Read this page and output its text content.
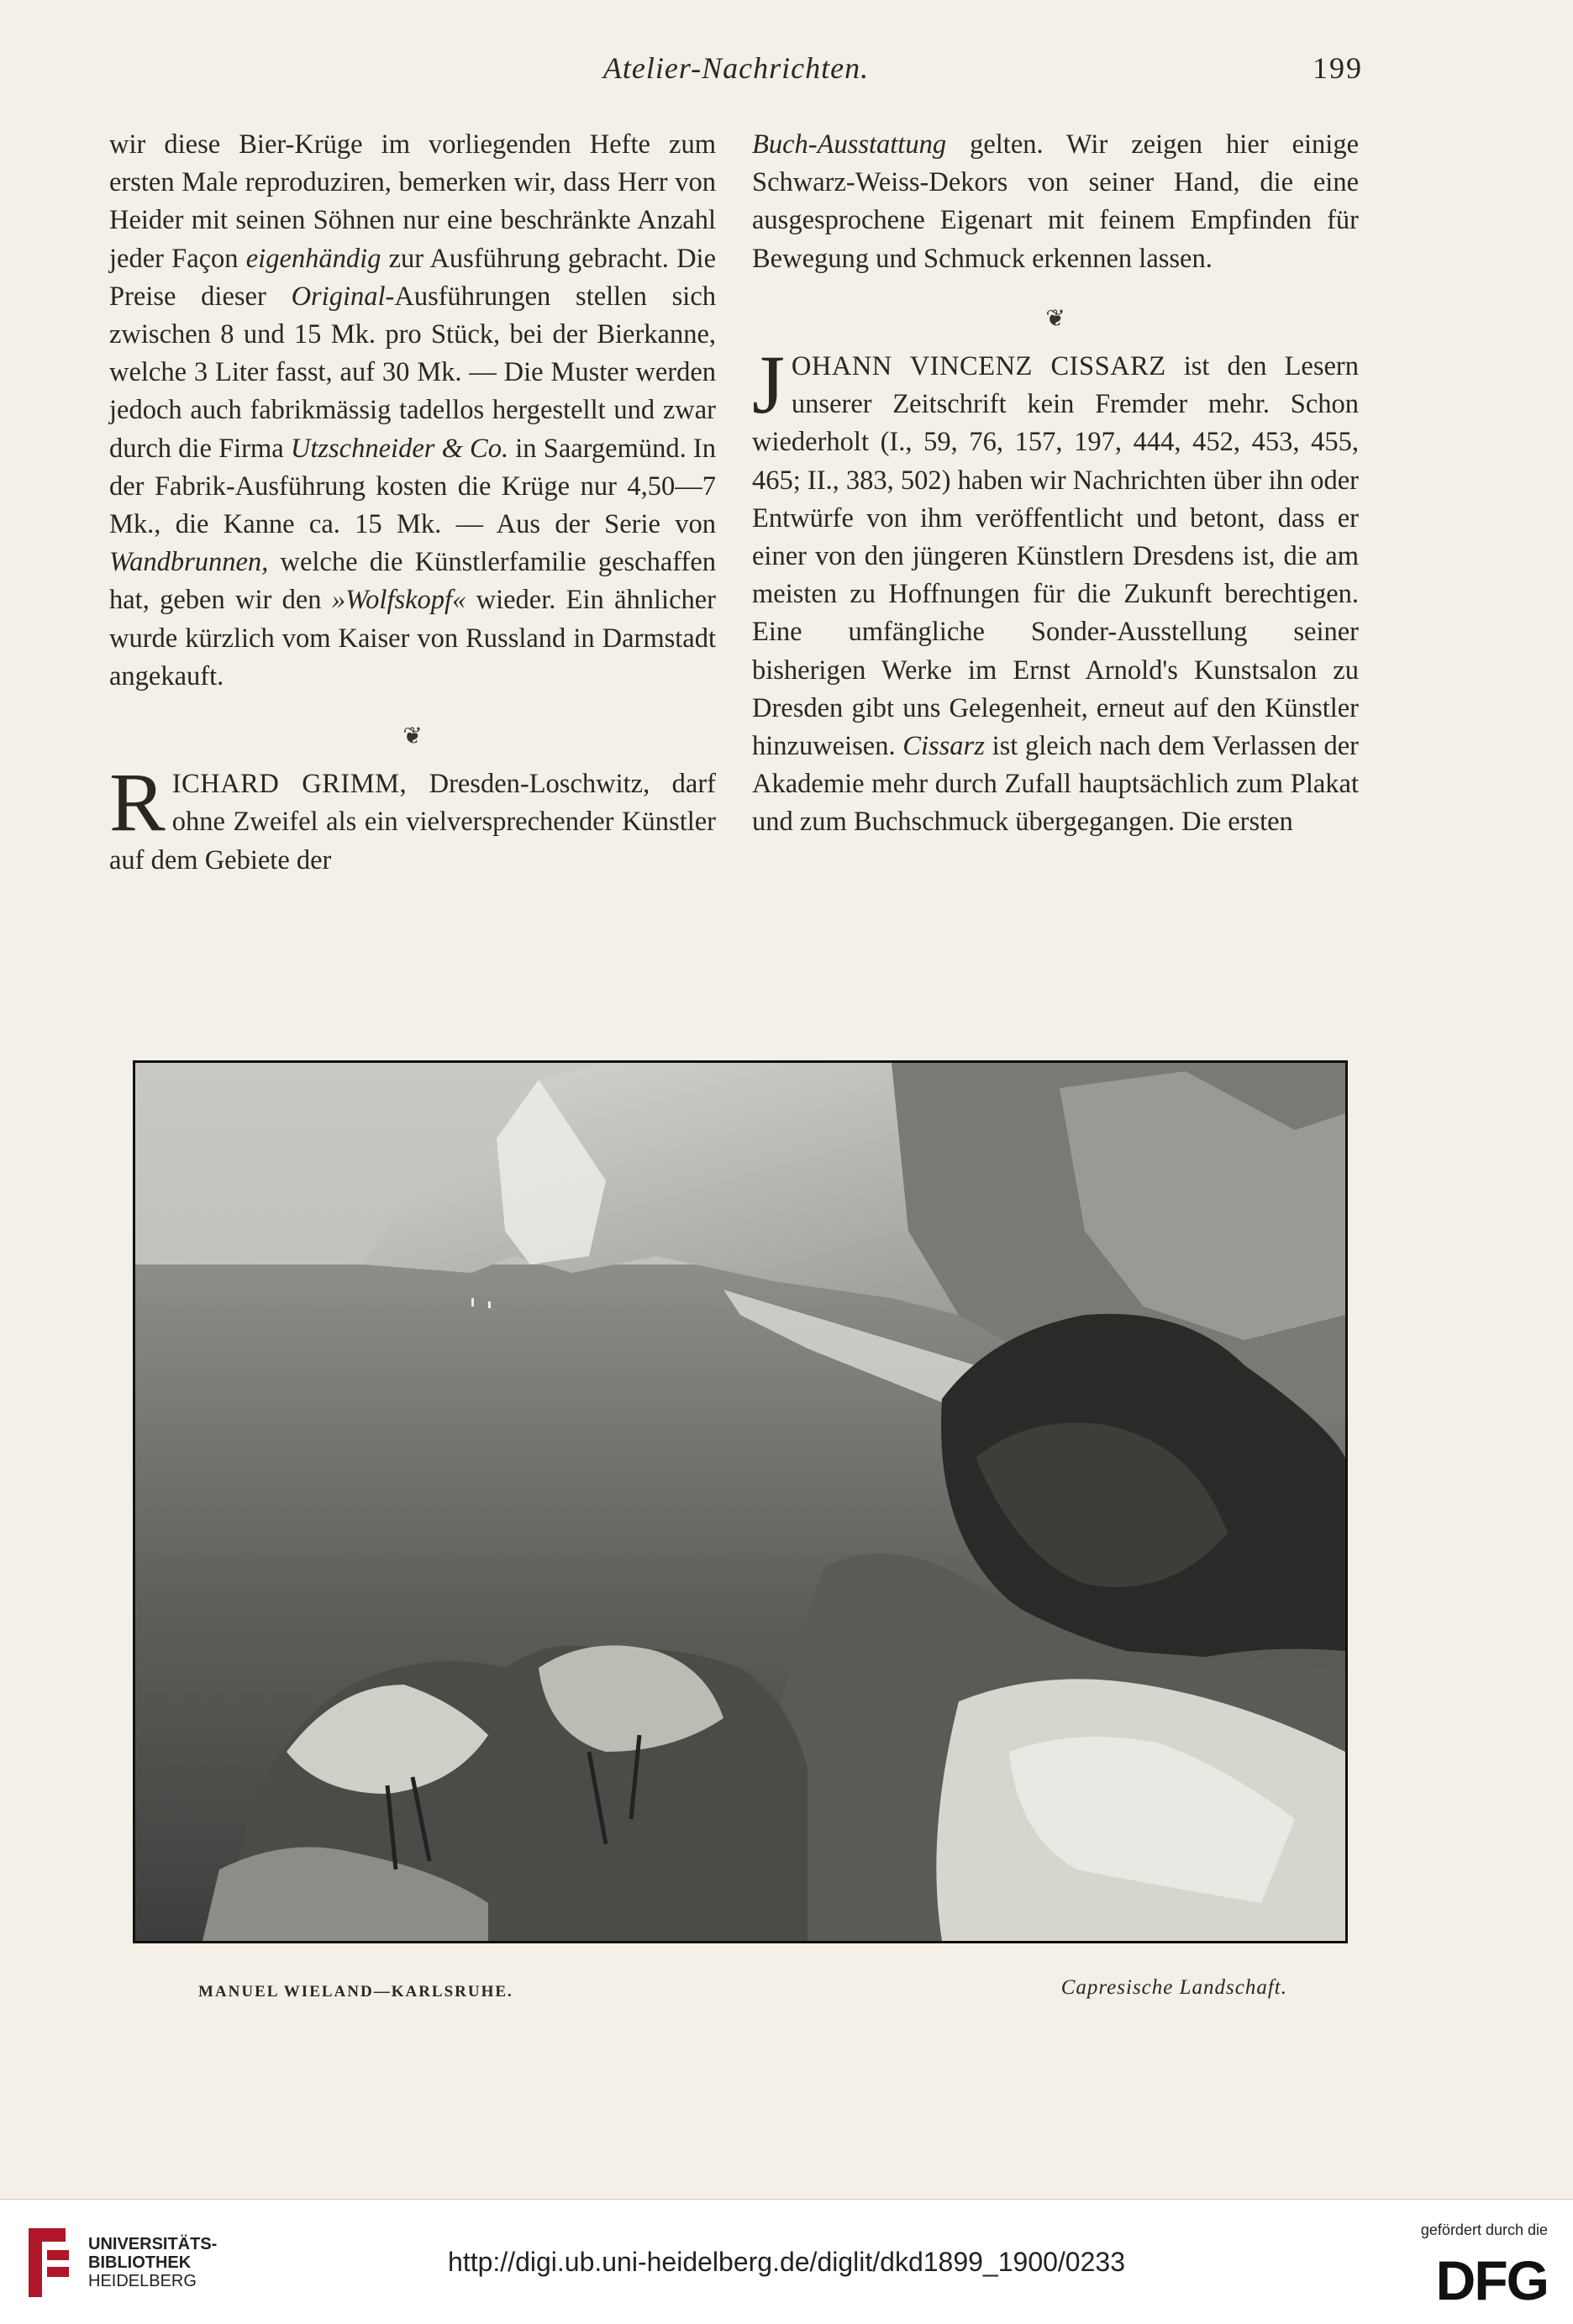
Atelier-Nachrichten.	199

wir diese Bier-Krüge im vorliegenden Hefte zum ersten Male reproduziren, bemerken wir, dass Herr von Heider mit seinen Söhnen nur eine beschränkte Anzahl jeder Façon eigenhändig zur Ausführung gebracht. Die Preise dieser Original-Ausführungen stellen sich zwischen 8 und 15 Mk. pro Stück, bei der Bierkanne, welche 3 Liter fasst, auf 30 Mk. — Die Muster werden jedoch auch fabrikmässig tadellos hergestellt und zwar durch die Firma Utzschneider & Co. in Saargemünd. In der Fabrik-Ausführung kosten die Krüge nur 4,50—7 Mk., die Kanne ca. 15 Mk. — Aus der Serie von Wandbrunnen, welche die Künstlerfamilie geschaffen hat, geben wir den »Wolfskopf« wieder. Ein ähnlicher wurde kürzlich vom Kaiser von Russland in Darmstadt angekauft.

❦

RICHARD GRIMM, Dresden-Loschwitz, darf ohne Zweifel als ein vielversprechender Künstler auf dem Gebiete der

Buch-Ausstattung gelten. Wir zeigen hier einige Schwarz-Weiss-Dekors von seiner Hand, die eine ausgesprochene Eigenart mit feinem Empfinden für Bewegung und Schmuck erkennen lassen.

❦

JOHANN VINCENZ CISSARZ ist den Lesern unserer Zeitschrift kein Fremder mehr. Schon wiederholt (I., 59, 76, 157, 197, 444, 452, 453, 455, 465; II., 383, 502) haben wir Nachrichten über ihn oder Entwürfe von ihm veröffentlicht und betont, dass er einer von den jüngeren Künstlern Dresdens ist, die am meisten zu Hoffnungen für die Zukunft berechtigen. Eine umfängliche Sonder-Ausstellung seiner bisherigen Werke im Ernst Arnold's Kunstsalon zu Dresden gibt uns Gelegenheit, erneut auf den Künstler hinzuweisen. Cissarz ist gleich nach dem Verlassen der Akademie mehr durch Zufall hauptsächlich zum Plakat und zum Buchschmuck übergegangen. Die ersten

MANUEL WIELAND—KARLSRUHE.	Capresische Landschaft.
UNIVERSITÄTS-
BIBLIOTHEK
HEIDELBERG
http://digi.ub.uni-heidelberg.de/diglit/dkd1899_1900/0233
gefördert durch die
DFG
